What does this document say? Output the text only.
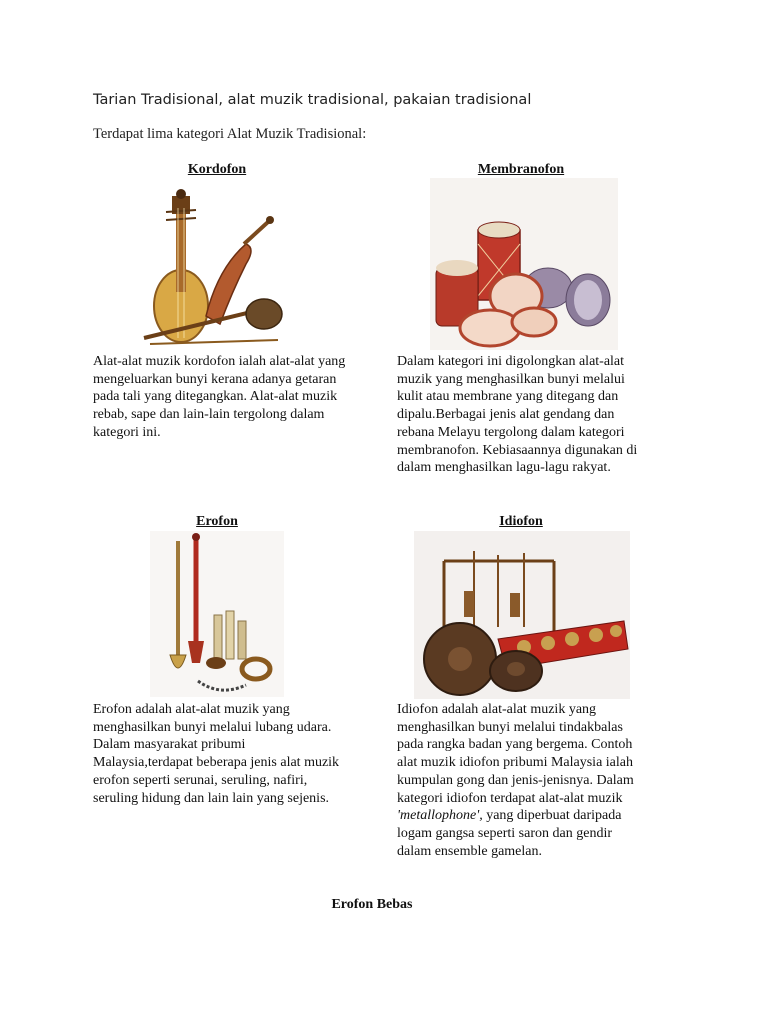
Tarian Tradisional, alat muzik tradisional, pakaian tradisional
Terdapat lima kategori Alat Muzik Tradisional:
Kordofon
Alat-alat muzik kordofon ialah alat-alat yang mengeluarkan bunyi kerana adanya getaran pada tali yang ditegangkan. Alat-alat muzik rebab, sape dan lain-lain tergolong dalam kategori ini.
Membranofon
Dalam kategori ini digolongkan alat-alat muzik yang menghasilkan bunyi melalui kulit atau membrane yang ditegang dan dipalu.Berbagai jenis alat gendang dan rebana Melayu tergolong dalam kategori membranofon. Kebiasaannya digunakan di dalam menghasilkan lagu-lagu rakyat.
Erofon
Erofon adalah alat-alat muzik yang menghasilkan bunyi melalui lubang udara. Dalam masyarakat pribumi Malaysia,terdapat beberapa jenis alat muzik erofon seperti serunai, seruling, nafiri, seruling hidung dan lain lain yang sejenis.
Idiofon
Idiofon adalah alat-alat muzik yang menghasilkan bunyi melalui tindakbalas pada rangka badan yang bergema. Contoh alat muzik idiofon pribumi Malaysia ialah kumpulan gong dan jenis-jenisnya. Dalam kategori idiofon terdapat alat-alat muzik 'metallophone', yang diperbuat daripada logam gangsa seperti saron dan gendir dalam ensemble gamelan.
Erofon Bebas
